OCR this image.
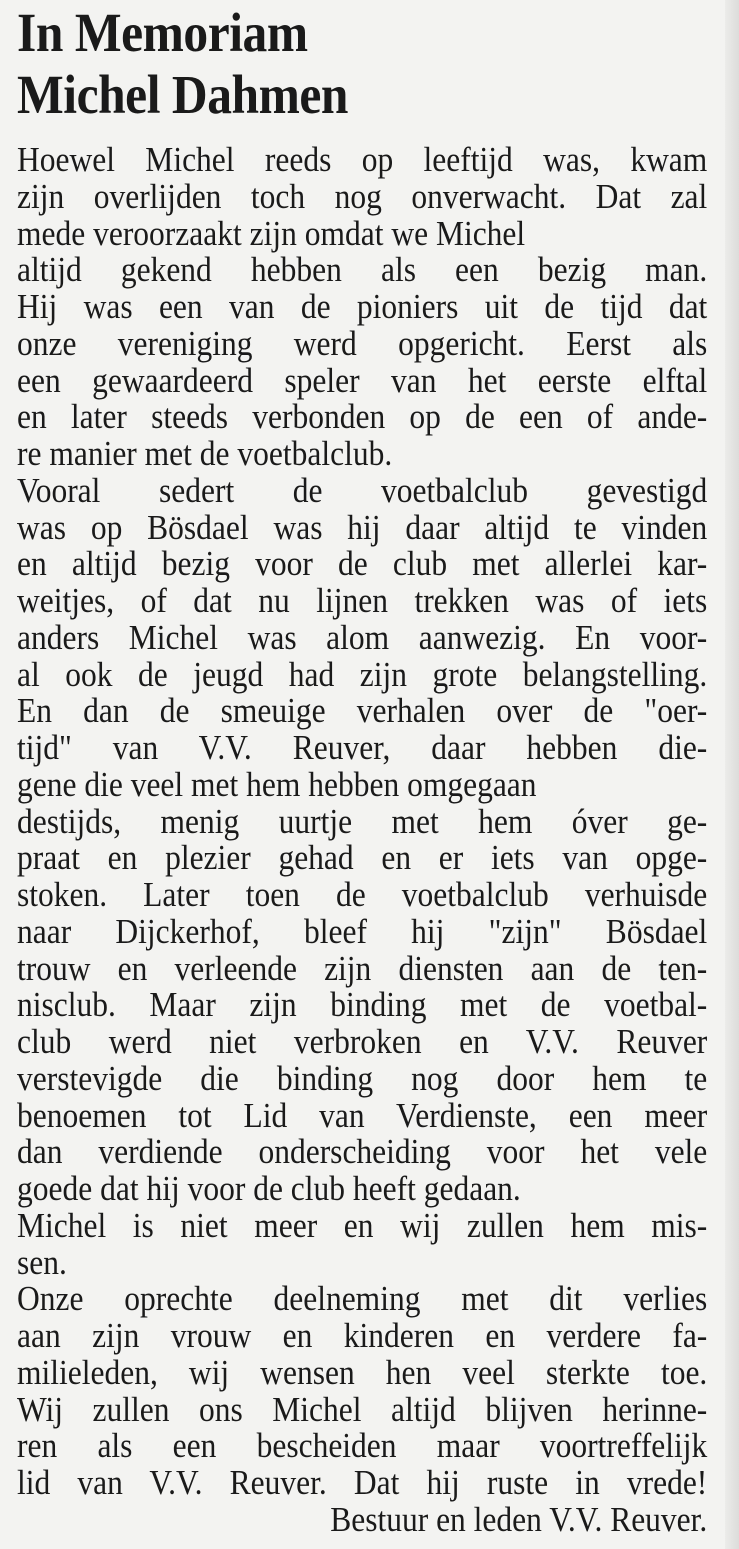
In Memoriam
Michel Dahmen
Hoewel Michel reeds op leeftijd was, kwam
zijn overlijden toch nog onverwacht. Dat zal
mede veroorzaakt zijn omdat we Michel
altijd gekend hebben als een bezig man.
Hij was een van de pioniers uit de tijd dat
onze vereniging werd opgericht. Eerst als
een gewaardeerd speler van het eerste elftal
en later steeds verbonden op de een of ande-
re manier met de voetbalclub.
Vooral sedert de voetbalclub gevestigd
was op Bösdael was hij daar altijd te vinden
en altijd bezig voor de club met allerlei kar-
weitjes, of dat nu lijnen trekken was of iets
anders Michel was alom aanwezig. En voor-
al ook de jeugd had zijn grote belangstelling.
En dan de smeuige verhalen over de "oer-
tijd" van V.V. Reuver, daar hebben die-
gene die veel met hem hebben omgegaan
destijds, menig uurtje met hem óver ge-
praat en plezier gehad en er iets van opge-
stoken. Later toen de voetbalclub verhuisde
naar Dijckerhof, bleef hij "zijn" Bösdael
trouw en verleende zijn diensten aan de ten-
nisclub. Maar zijn binding met de voetbal-
club werd niet verbroken en V.V. Reuver
verstevigde die binding nog door hem te
benoemen tot Lid van Verdienste, een meer
dan verdiende onderscheiding voor het vele
goede dat hij voor de club heeft gedaan.
Michel is niet meer en wij zullen hem mis-
sen.
Onze oprechte deelneming met dit verlies
aan zijn vrouw en kinderen en verdere fa-
milieleden, wij wensen hen veel sterkte toe.
Wij zullen ons Michel altijd blijven herinne-
ren als een bescheiden maar voortreffelijk
lid van V.V. Reuver. Dat hij ruste in vrede!
Bestuur en leden V.V. Reuver.
